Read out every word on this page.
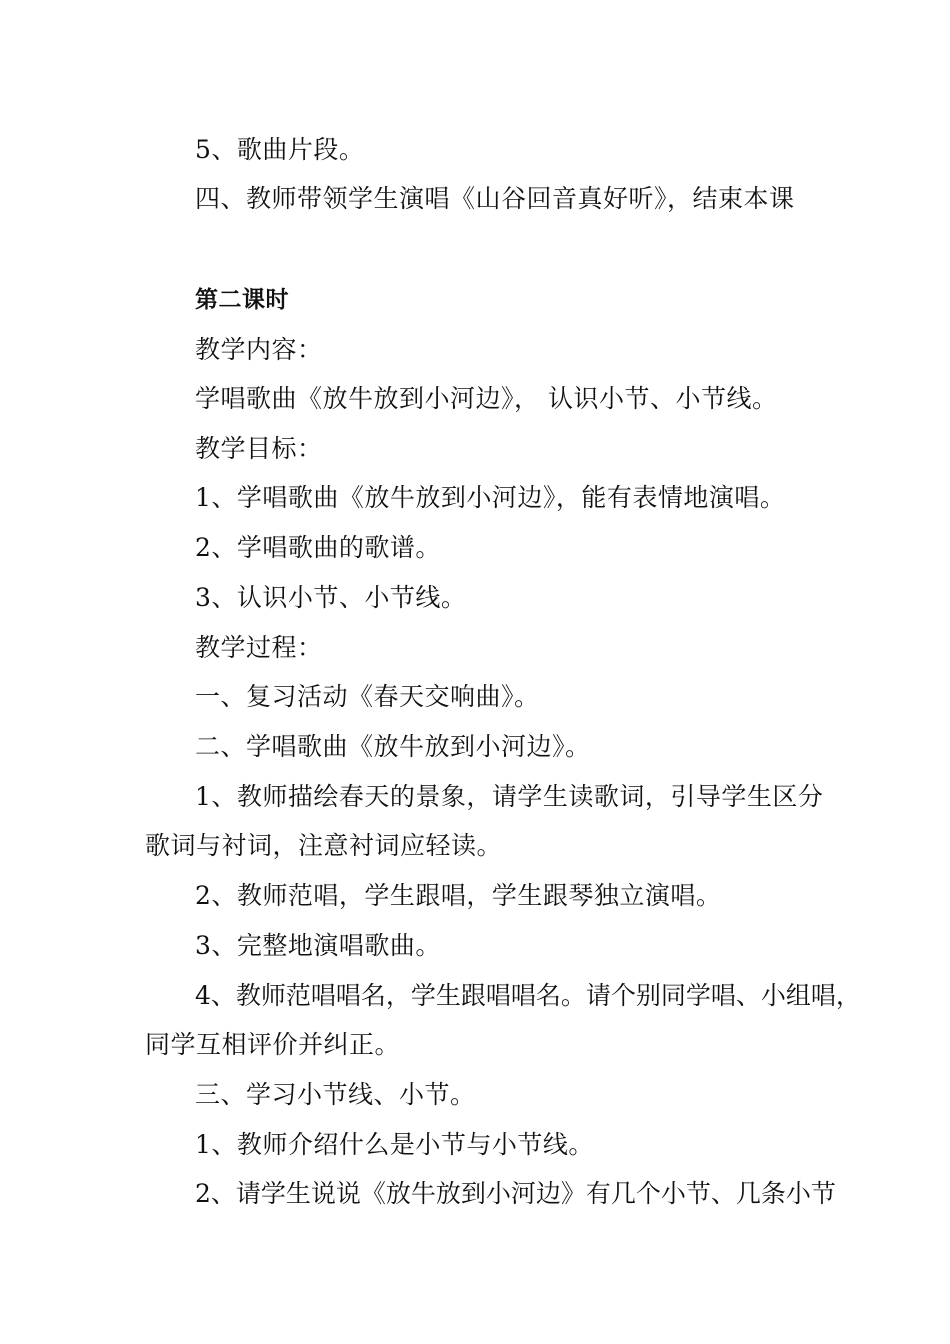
5、歌曲片段。
四、教师带领学生演唱《山谷回音真好听》，结束本课
第二课时
教学内容：
学唱歌曲《放牛放到小河边》， 认识小节、小节线。
教学目标：
1、学唱歌曲《放牛放到小河边》，能有表情地演唱。
2、学唱歌曲的歌谱。
3、认识小节、小节线。
教学过程：
一、复习活动《春天交响曲》。
二、学唱歌曲《放牛放到小河边》。
1、教师描绘春天的景象，请学生读歌词，引导学生区分
歌词与衬词，注意衬词应轻读。
2、教师范唱，学生跟唱，学生跟琴独立演唱。
3、完整地演唱歌曲。
4、教师范唱唱名，学生跟唱唱名。请个别同学唱、小组唱，
同学互相评价并纠正。
三、学习小节线、小节。
1、教师介绍什么是小节与小节线。
2、请学生说说《放牛放到小河边》有几个小节、几条小节
